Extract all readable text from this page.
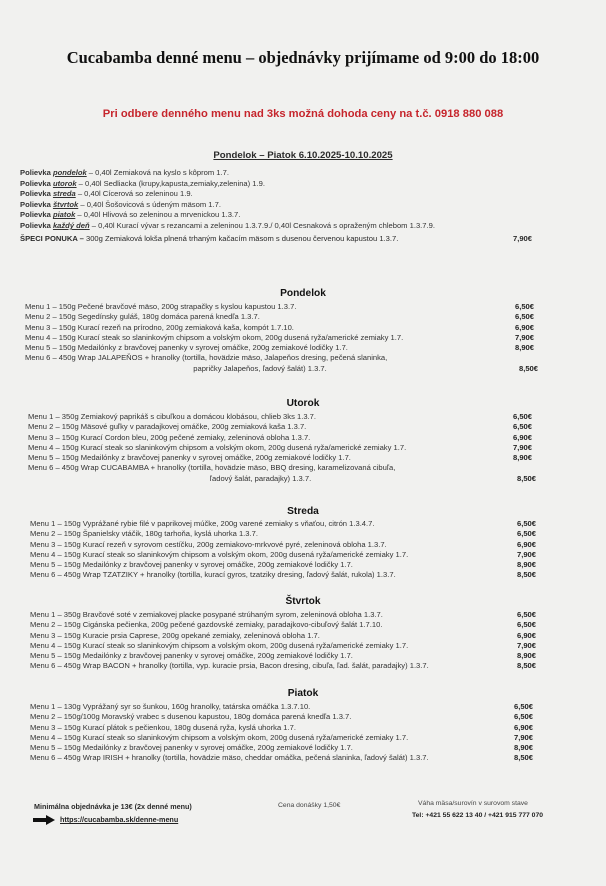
Cucabamba denné menu – objednávky prijímame od 9:00 do 18:00
Pri odbere denného menu nad 3ks možná dohoda ceny na t.č. 0918 880 088
Pondelok – Piatok 6.10.2025-10.10.2025
Polievka pondelok – 0,40l Zemiaková na kyslo s kôprom 1.7.
Polievka utorok – 0,40l Sedliacka (krupy,kapusta,zemiaky,zelenina) 1.9.
Polievka streda – 0,40l Cícerová so zeleninou 1.9.
Polievka štvrtok – 0,40l Šošovicová s údeným mäsom 1.7.
Polievka piatok – 0,40l Hlivová so zeleninou a mrvenickou 1.3.7.
Polievka každý deň – 0,40l Kurací vývar s rezancami a zeleninou 1.3.7.9./ 0,40l Cesnaková s opraženým chlebom 1.3.7.9.
ŠPECI PONUKA – 300g Zemiaková lokša plnená trhaným kačacím mäsom s dusenou červenou kapustou 1.3.7.	7,90€
Pondelok
Menu 1 – 150g Pečené bravčové mäso, 200g strapačky s kyslou kapustou 1.3.7.	6,50€
Menu 2 – 150g Segedínsky guláš, 180g domáca parená knedľa 1.3.7.	6,50€
Menu 3 – 150g Kurací rezeň na prírodno, 200g zemiaková kaša, kompót 1.7.10.	6,90€
Menu 4 – 150g Kurací steak so slaninkovým chipsom a volským okom, 200g dusená ryža/americké zemiaky 1.7.	7,90€
Menu 5 – 150g Medailónky z bravčovej panenky v syrovej omáčke, 200g zemiakové lodičky 1.7.	8,90€
Menu 6 – 450g Wrap JALAPEŇOS + hranolky (tortilla, hovädzie mäso, Jalapeňos dresing, pečená slaninka,
papričky Jalapeňos, ľadový šalát) 1.3.7.	8,50€
Utorok
Menu 1 – 350g Zemiakový paprikáš s cibuľkou a domácou klobásou, chlieb 3ks 1.3.7.	6,50€
Menu 2 – 150g Mäsové guľky v paradajkovej omáčke, 200g zemiaková kaša 1.3.7.	6,50€
Menu 3 – 150g Kurací Cordon bleu, 200g pečené zemiaky, zeleninová obloha 1.3.7.	6,90€
Menu 4 – 150g Kurací steak so slaninkovým chipsom a volským okom, 200g dusená ryža/americké zemiaky 1.7.	7,90€
Menu 5 – 150g Medailónky z bravčovej panenky v syrovej omáčke, 200g zemiakové lodičky 1.7.	8,90€
Menu 6 – 450g Wrap CUCABAMBA + hranolky (tortilla, hovädzie mäso, BBQ dresing, karamelizovaná cibuľa,
ľadový šalát, paradajky) 1.3.7.	8,50€
Streda
Menu 1 – 150g Vyprážané rybie filé v paprikovej múčke, 200g varené zemiaky s vňaťou, citrón 1.3.4.7.	6,50€
Menu 2 – 150g Španielsky vtáčik, 180g tarhoňa, kyslá uhorka 1.3.7.	6,50€
Menu 3 – 150g Kurací rezeň v syrovom cestíčku, 200g zemiakovo-mrkvové pyré, zeleninová obloha 1.3.7.	6,90€
Menu 4 – 150g Kurací steak so slaninkovým chipsom a volským okom, 200g dusená ryža/americké zemiaky 1.7.	7,90€
Menu 5 – 150g Medailónky z bravčovej panenky v syrovej omáčke, 200g zemiakové lodičky 1.7.	8,90€
Menu 6 – 450g Wrap TZATZIKY + hranolky (tortilla, kurací gyros, tzatziky dresing, ľadový šalát, rukola) 1.3.7.	8,50€
Štvrtok
Menu 1 – 350g Bravčové soté v zemiakovej placke posypané strúhaným syrom, zeleninová obloha 1.3.7.	6,50€
Menu 2 – 150g Cigánska pečienka, 200g pečené gazdovské zemiaky, paradajkovo-cibuľový šalát 1.7.10.	6,50€
Menu 3 – 150g Kuracie prsia Caprese, 200g opekané zemiaky, zeleninová obloha 1.7.	6,90€
Menu 4 – 150g Kurací steak so slaninkovým chipsom a volským okom, 200g dusená ryža/americké zemiaky 1.7.	7,90€
Menu 5 – 150g Medailónky z bravčovej panenky v syrovej omáčke, 200g zemiakové lodičky 1.7.	8,90€
Menu 6 – 450g Wrap BACON + hranolky (tortilla, vyp. kuracie prsia, Bacon dresing, cibuľa, ľad. šalát, paradajky) 1.3.7.	8,50€
Piatok
Menu 1 – 130g Vyprážaný syr so šunkou, 160g hranolky, tatárska omáčka 1.3.7.10.	6,50€
Menu 2 – 150g/100g Moravský vrabec s dusenou kapustou, 180g domáca parená knedľa 1.3.7.	6,50€
Menu 3 – 150g Kurací plátok s pečienkou, 180g dusená ryža, kyslá uhorka 1.7.	6,90€
Menu 4 – 150g Kurací steak so slaninkovým chipsom a volským okom, 200g dusená ryža/americké zemiaky 1.7.	7,90€
Menu 5 – 150g Medailónky z bravčovej panenky v syrovej omáčke, 200g zemiakové lodičky 1.7.	8,90€
Menu 6 – 450g Wrap IRISH + hranolky (tortilla, hovädzie mäso, cheddar omáčka, pečená slaninka, ľadový šalát) 1.3.7.	8,50€
Minimálna objednávka je 13€ (2x denné menu)
https://cucabamba.sk/denne-menu
Cena donášky 1,50€	Váha mäsa/surovín v surovom stave
Tel: +421 55 622 13 40 / +421 915 777 070
